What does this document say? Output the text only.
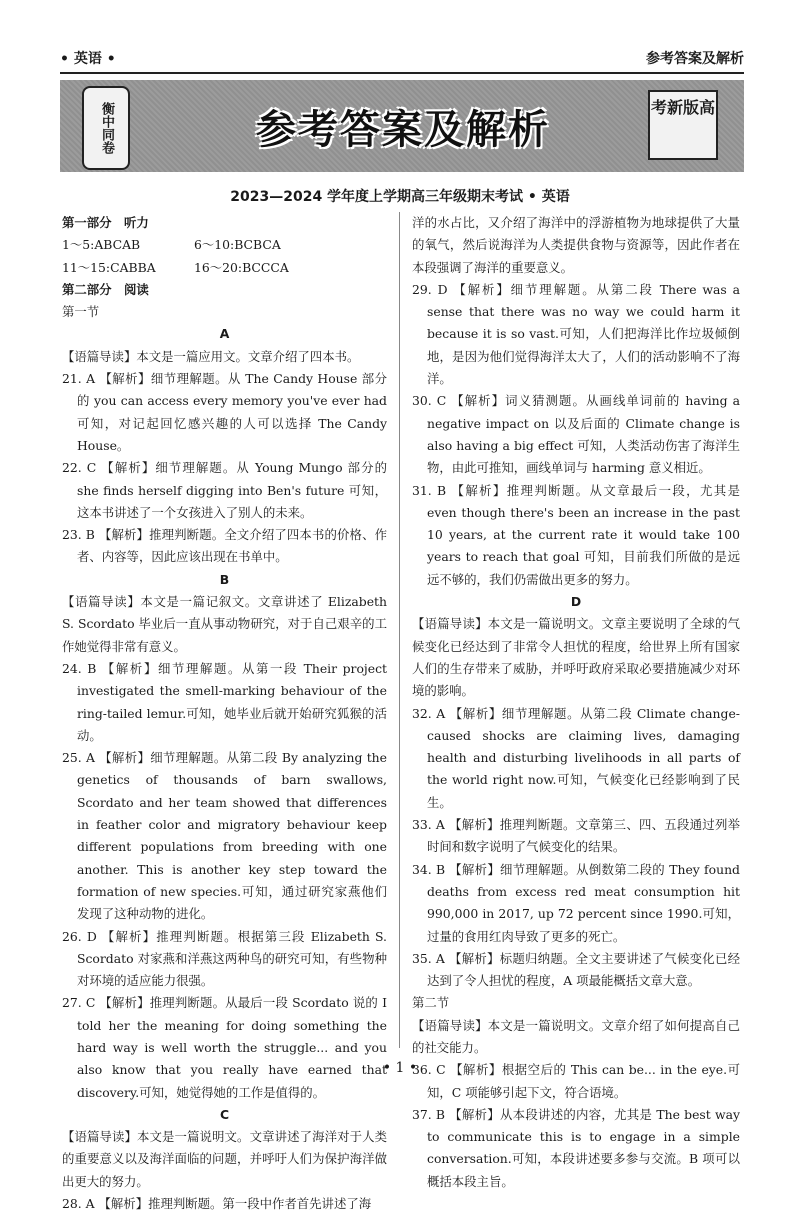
• 英语 •	参考答案及解析
衡中同卷	参考答案及解析	考新版高
2023—2024 学年度上学期高三年级期末考试 • 英语

第一部分　听力

1～5:ABCAB	6～10:BCBCA

11～15:CABBA	16～20:BCCCA

第二部分　阅读

第一节

A

【语篇导读】本文是一篇应用文。文章介绍了四本书。

21. A 【解析】细节理解题。从 The Candy House 部分的 you can access every memory you've ever had 可知，对记起回忆感兴趣的人可以选择 The Candy House。

22. C 【解析】细节理解题。从 Young Mungo 部分的 she finds herself digging into Ben's future 可知，这本书讲述了一个女孩进入了别人的未来。

23. B 【解析】推理判断题。全文介绍了四本书的价格、作者、内容等，因此应该出现在书单中。

B

【语篇导读】本文是一篇记叙文。文章讲述了 Elizabeth S. Scordato 毕业后一直从事动物研究，对于自己艰辛的工作她觉得非常有意义。

24. B 【解析】细节理解题。从第一段 Their project investigated the smell-marking behaviour of the ring-tailed lemur.可知，她毕业后就开始研究狐猴的活动。

25. A 【解析】细节理解题。从第二段 By analyzing the genetics of thousands of barn swallows, Scordato and her team showed that differences in feather color and migratory behaviour keep different populations from breeding with one another. This is another key step toward the formation of new species.可知，通过研究家燕他们发现了这种动物的进化。

26. D 【解析】推理判断题。根据第三段 Elizabeth S. Scordato 对家燕和洋燕这两种鸟的研究可知，有些物种对环境的适应能力很强。

27. C 【解析】推理判断题。从最后一段 Scordato 说的 I told her the meaning for doing something the hard way is well worth the struggle... and you also know that you really have earned that discovery.可知，她觉得她的工作是值得的。

C

【语篇导读】本文是一篇说明文。文章讲述了海洋对于人类的重要意义以及海洋面临的问题，并呼吁人们为保护海洋做出更大的努力。

28. A 【解析】推理判断题。第一段中作者首先讲述了海

洋的水占比，又介绍了海洋中的浮游植物为地球提供了大量的氧气，然后说海洋为人类提供食物与资源等，因此作者在本段强调了海洋的重要意义。

29. D 【解析】细节理解题。从第二段 There was a sense that there was no way we could harm it because it is so vast.可知，人们把海洋比作垃圾倾倒地，是因为他们觉得海洋太大了，人们的活动影响不了海洋。

30. C 【解析】词义猜测题。从画线单词前的 having a negative impact on 以及后面的 Climate change is also having a big effect 可知，人类活动伤害了海洋生物，由此可推知，画线单词与 harming 意义相近。

31. B 【解析】推理判断题。从文章最后一段，尤其是 even though there's been an increase in the past 10 years, at the current rate it would take 100 years to reach that goal 可知，目前我们所做的是远远不够的，我们仍需做出更多的努力。

D

【语篇导读】本文是一篇说明文。文章主要说明了全球的气候变化已经达到了非常令人担忧的程度，给世界上所有国家人们的生存带来了威胁，并呼吁政府采取必要措施减少对环境的影响。

32. A 【解析】细节理解题。从第二段 Climate change-caused shocks are claiming lives, damaging health and disturbing livelihoods in all parts of the world right now.可知，气候变化已经影响到了民生。

33. A 【解析】推理判断题。文章第三、四、五段通过列举时间和数字说明了气候变化的结果。

34. B 【解析】细节理解题。从倒数第二段的 They found deaths from excess red meat consumption hit 990,000 in 2017, up 72 percent since 1990.可知，过量的食用红肉导致了更多的死亡。

35. A 【解析】标题归纳题。全文主要讲述了气候变化已经达到了令人担忧的程度，A 项最能概括文章大意。

第二节

【语篇导读】本文是一篇说明文。文章介绍了如何提高自己的社交能力。

36. C 【解析】根据空后的 This can be... in the eye.可知，C 项能够引起下文，符合语境。

37. B 【解析】从本段讲述的内容，尤其是 The best way to communicate this is to engage in a simple conversation.可知，本段讲述要多参与交流。B 项可以概括本段主旨。

• 1 •
